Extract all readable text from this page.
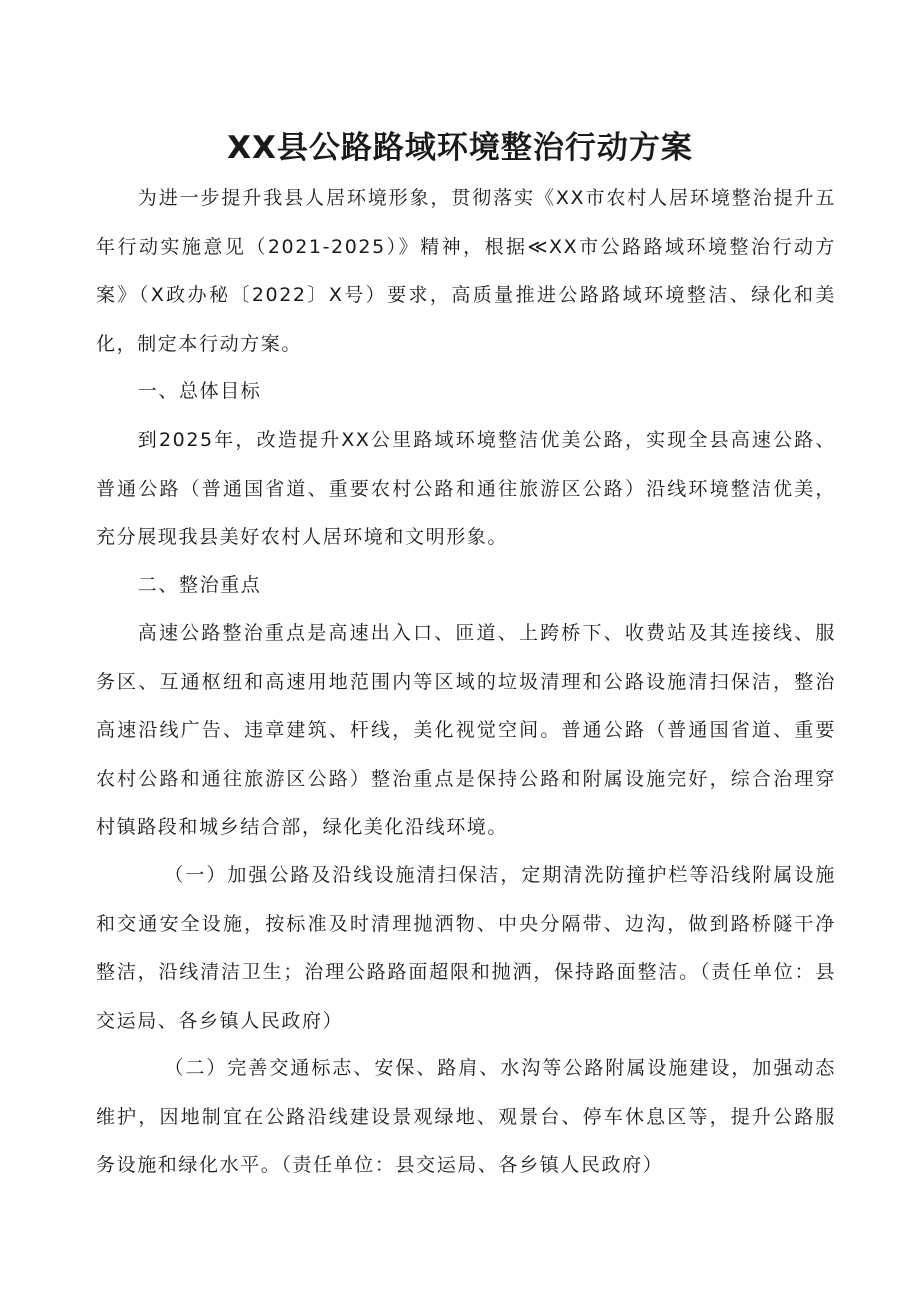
XX县公路路域环境整治行动方案

为进一步提升我县人居环境形象，贯彻落实《XX市农村人居环境整治提升五年行动实施意见（2021-2025）》精神，根据≪XX市公路路域环境整治行动方案》（X政办秘〔2022〕X号）要求，高质量推进公路路域环境整洁、绿化和美化，制定本行动方案。

一、总体目标

到2025年，改造提升XX公里路域环境整洁优美公路，实现全县高速公路、普通公路（普通国省道、重要农村公路和通往旅游区公路）沿线环境整洁优美，充分展现我县美好农村人居环境和文明形象。

二、整治重点

高速公路整治重点是高速出入口、匝道、上跨桥下、收费站及其连接线、服务区、互通枢纽和高速用地范围内等区域的垃圾清理和公路设施清扫保洁，整治高速沿线广告、违章建筑、杆线，美化视觉空间。普通公路（普通国省道、重要农村公路和通往旅游区公路）整治重点是保持公路和附属设施完好，综合治理穿村镇路段和城乡结合部，绿化美化沿线环境。

（一）加强公路及沿线设施清扫保洁，定期清洗防撞护栏等沿线附属设施和交通安全设施，按标准及时清理抛洒物、中央分隔带、边沟，做到路桥隧干净整洁，沿线清洁卫生；治理公路路面超限和抛洒，保持路面整洁。（责任单位：县交运局、各乡镇人民政府）

（二）完善交通标志、安保、路肩、水沟等公路附属设施建设，加强动态维护，因地制宜在公路沿线建设景观绿地、观景台、停车休息区等，提升公路服务设施和绿化水平。（责任单位：县交运局、各乡镇人民政府）
